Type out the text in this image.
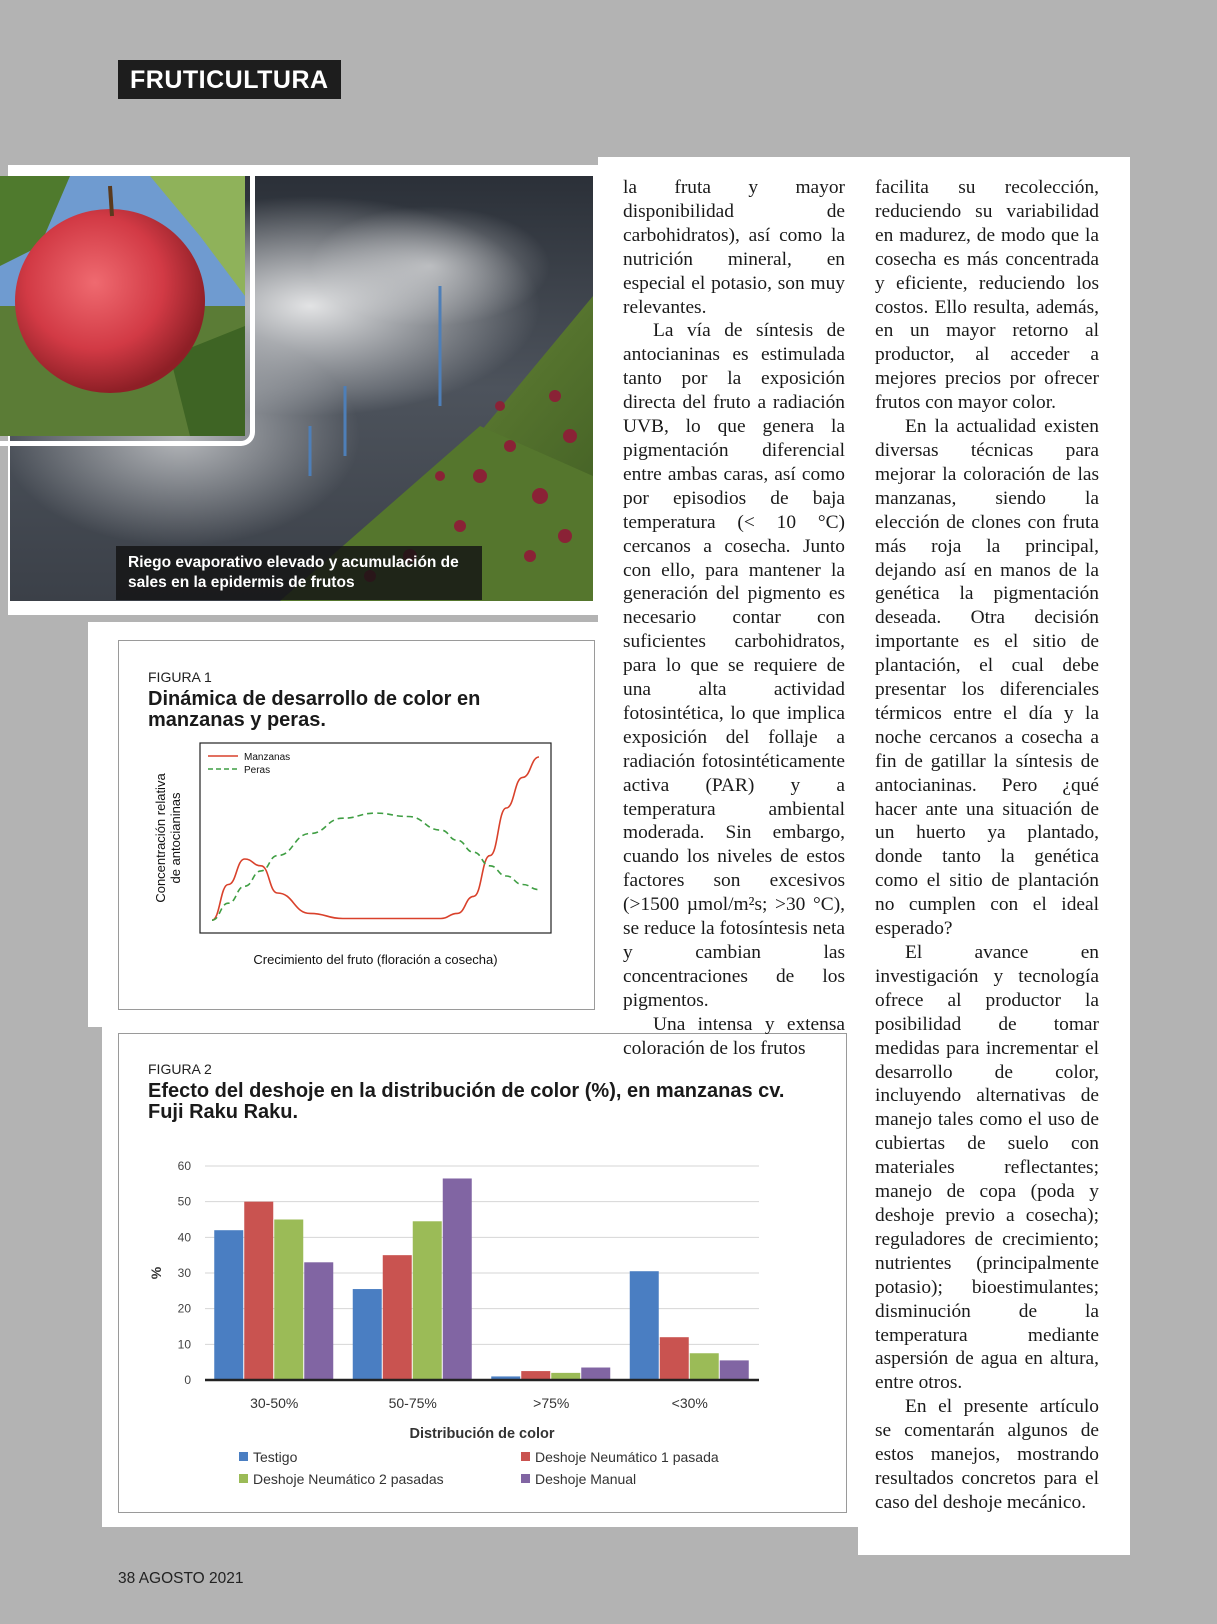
FRUTICULTURA
Riego evaporativo elevado y acumulación de sales en la epidermis de frutos
FIGURA 1
Dinámica de desarrollo de color en manzanas y peras.
Manzanas
Peras
Crecimiento del fruto (floración a cosecha)
Concentración relativade antocianinas
FIGURA 2
Efecto del deshoje en la distribución de color (%), en manzanas cv. Fuji Raku Raku.
0
10
20
30
40
50
60
30-50%	50-75%	>75%	<30%
Distribución de color
%
Testigo	Deshoje Neumático 1 pasada
Deshoje Neumático 2 pasadas	Deshoje Manual

la fruta y mayor disponibilidad de carbohidratos), así como la nutrición mineral, en especial el potasio, son muy relevantes.

La vía de síntesis de antocianinas es estimulada tanto por la exposición directa del fruto a radiación UVB, lo que genera la pigmentación diferencial entre ambas caras, así como por episodios de baja temperatura (< 10 °C) cercanos a cosecha. Junto con ello, para mantener la generación del pigmento es necesario contar con suficientes carbohidratos, para lo que se requiere de una alta actividad fotosintética, lo que implica exposición del follaje a radiación fotosintéticamente activa (PAR) y a temperatura ambiental moderada. Sin embargo, cuando los niveles de estos factores son excesivos (>1500 µmol/m²s; >30 °C), se reduce la fotosíntesis neta y cambian las concentraciones de los pigmentos.

Una intensa y extensa coloración de los frutos

facilita su recolección, reduciendo su variabilidad en madurez, de modo que la cosecha es más concentrada y eficiente, reduciendo los costos. Ello resulta, además, en un mayor retorno al productor, al acceder a mejores precios por ofrecer frutos con mayor color.

En la actualidad existen diversas técnicas para mejorar la coloración de las manzanas, siendo la elección de clones con fruta más roja la principal, dejando así en manos de la genética la pigmentación deseada. Otra decisión importante es el sitio de plantación, el cual debe presentar los diferenciales térmicos entre el día y la noche cercanos a cosecha a fin de gatillar la síntesis de antocianinas. Pero ¿qué hacer ante una situación de un huerto ya plantado, donde tanto la genética como el sitio de plantación no cumplen con el ideal esperado?

El avance en investigación y tecnología ofrece al productor la posibilidad de tomar medidas para incrementar el desarrollo de color, incluyendo alternativas de manejo tales como el uso de cubiertas de suelo con materiales reflectantes; manejo de copa (poda y deshoje previo a cosecha); reguladores de crecimiento; nutrientes (principalmente potasio); bioestimulantes; disminución de la temperatura mediante aspersión de agua en altura, entre otros.

En el presente artículo se comentarán algunos de estos manejos, mostrando resultados concretos para el caso del deshoje mecánico.

38 AGOSTO 2021
